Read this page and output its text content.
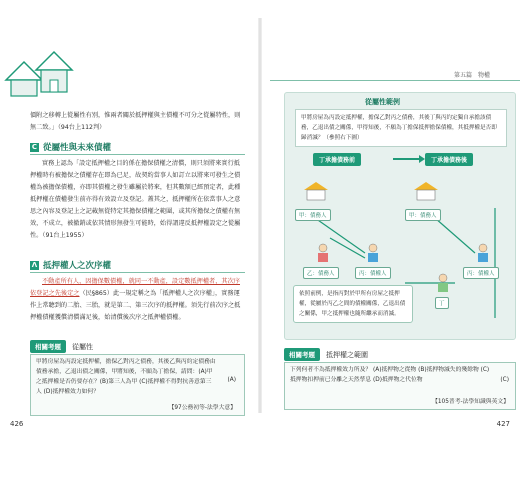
價附之移轉上從屬性有別，惟兩者關於抵押權與主債權不可分之從屬特性，則無二致。」（94台上112判）
C 從屬性與未來債權
實務上認為「設定抵押權之目的係在擔保債權之清償，則只須將來實行抵押權時有被擔保之債權存在即為已足，故契約當事人如訂立以將來可發生之債權為被擔保債權，亦即其債權之發生雖屬於將來，但其數額已經預定者，此種抵押權在債權發生前亦得有效設立及登記。蓋其之，抵押權所在依當事人之意思之內容及登記上之記載無從特定其擔保債權之範圍，或其所擔保之債權有無效，不成立，被撤銷或依其情形無發生可能時，始得謂違反抵押權設定之從屬性。（91台上1955）
Λ 抵押權人之次序權
不動產所有人，因擔保數債權，就同一不動產，設定數抵押權者，其次序依登記之先後定之（民§865）此一規定稱之為「抵押權人之次序權」，實務運作上常聽到的二胎、三胎，就是第二、第三次序的抵押權。須先行前次序之抵押權債權獲償清償滿足後，始清償後次序之抵押權債權。
相關考題	從屬性
甲將房屋為丙設定抵押權，擔保乙對丙之債務，其後乙與丙約定債務由債務承擔，乙退出債之關係，甲將知後，不願為丁擔保，請問：(A)甲之抵押權是否仍要存在？(B)第三人為甲 (C)抵押權不得對抗善意第三人 (D)抵押權效力如何？
(A)
【97公務初等-法學大意】
426
第五篇　物權
從屬性範例
甲將房屋為丙設定抵押權，擔保乙對丙之債務，其後丁與丙約定獨自承擔該債務，乙退出債之關係，甲得知後，不願為丁擔保抵押擔保債權，其抵押權是否即歸消滅？（參照右下圖）
丁承擔債務前	丁承擔債務後
甲：債務人	甲：債務人
乙：債務人	丙：債權人	丙：債權人
丁
依照前例，是指丙對於甲所有房屋之抵押權，從屬於丙乙之間的債權關係，乙退出債之關係，甲之抵押權也隨所繼承而消滅。
相關考題	抵押權之範圍
下列何者不為抵押權效力所及？ (A)抵押物之從物 (B)抵押物滅失的殘餘物 (C)抵押物扣押前已分離之天然孳息 (D)抵押物之代位物	(C)
【105普考-法學知識與英文】
427
